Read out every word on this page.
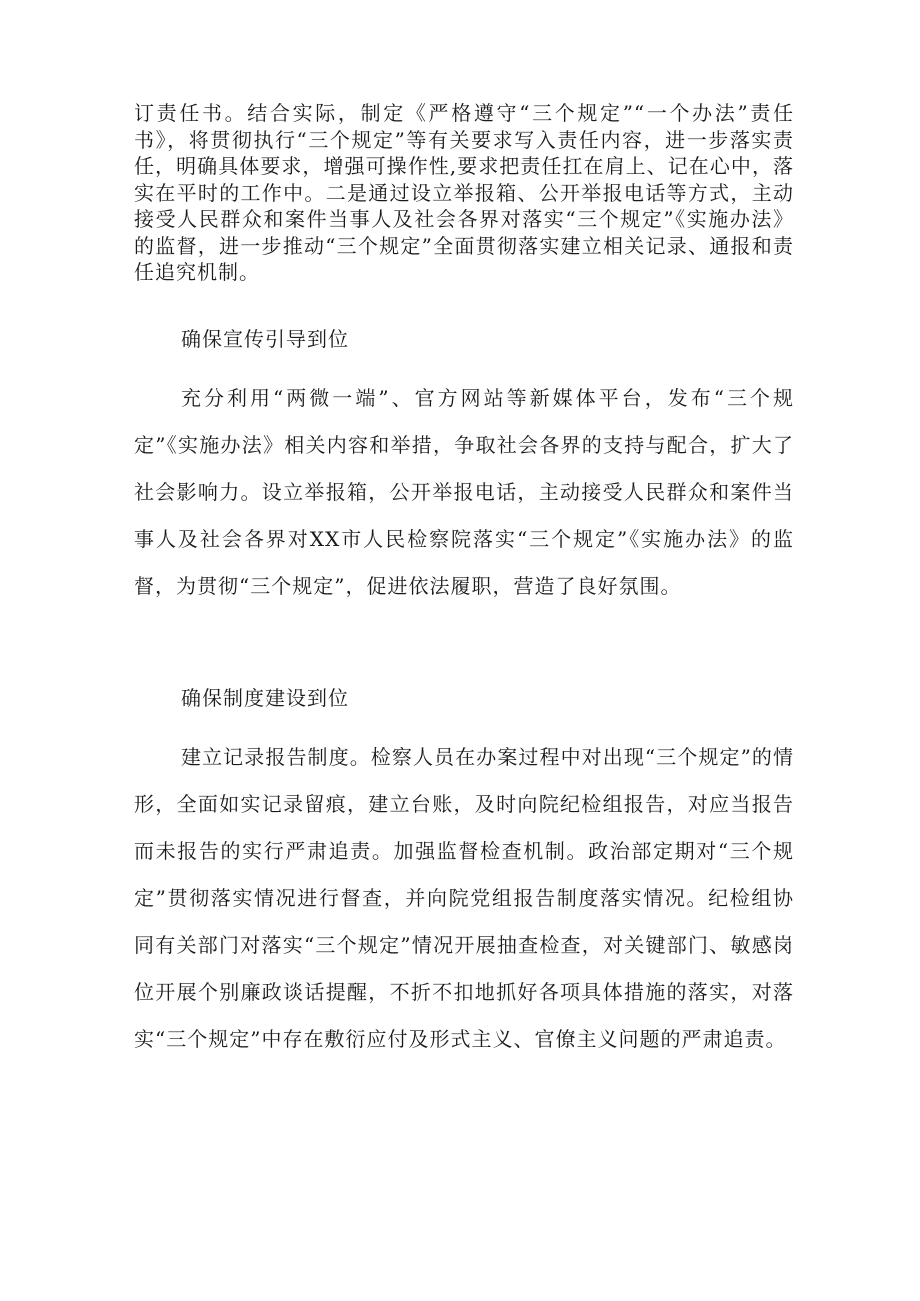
订责任书。结合实际，制定《严格遵守“三个规定”“一个办法”责任书》，将贯彻执行“三个规定”等有关要求写入责任内容，进一步落实责任，明确具体要求，增强可操作性,要求把责任扛在肩上、记在心中，落实在平时的工作中。二是通过设立举报箱、公开举报电话等方式，主动接受人民群众和案件当事人及社会各界对落实“三个规定”《实施办法》的监督，进一步推动“三个规定”全面贯彻落实建立相关记录、通报和责任追究机制。

确保宣传引导到位

充分利用“两微一端”、官方网站等新媒体平台，发布“三个规定”《实施办法》相关内容和举措，争取社会各界的支持与配合，扩大了社会影响力。设立举报箱，公开举报电话，主动接受人民群众和案件当事人及社会各界对XX市人民检察院落实“三个规定”《实施办法》的监督，为贯彻“三个规定”，促进依法履职，营造了良好氛围。

确保制度建设到位

建立记录报告制度。检察人员在办案过程中对出现“三个规定”的情形，全面如实记录留痕，建立台账，及时向院纪检组报告，对应当报告而未报告的实行严肃追责。加强监督检查机制。政治部定期对“三个规定”贯彻落实情况进行督查，并向院党组报告制度落实情况。纪检组协同有关部门对落实“三个规定”情况开展抽查检查，对关键部门、敏感岗位开展个别廉政谈话提醒，不折不扣地抓好各项具体措施的落实，对落实“三个规定”中存在敷衍应付及形式主义、官僚主义问题的严肃追责。
